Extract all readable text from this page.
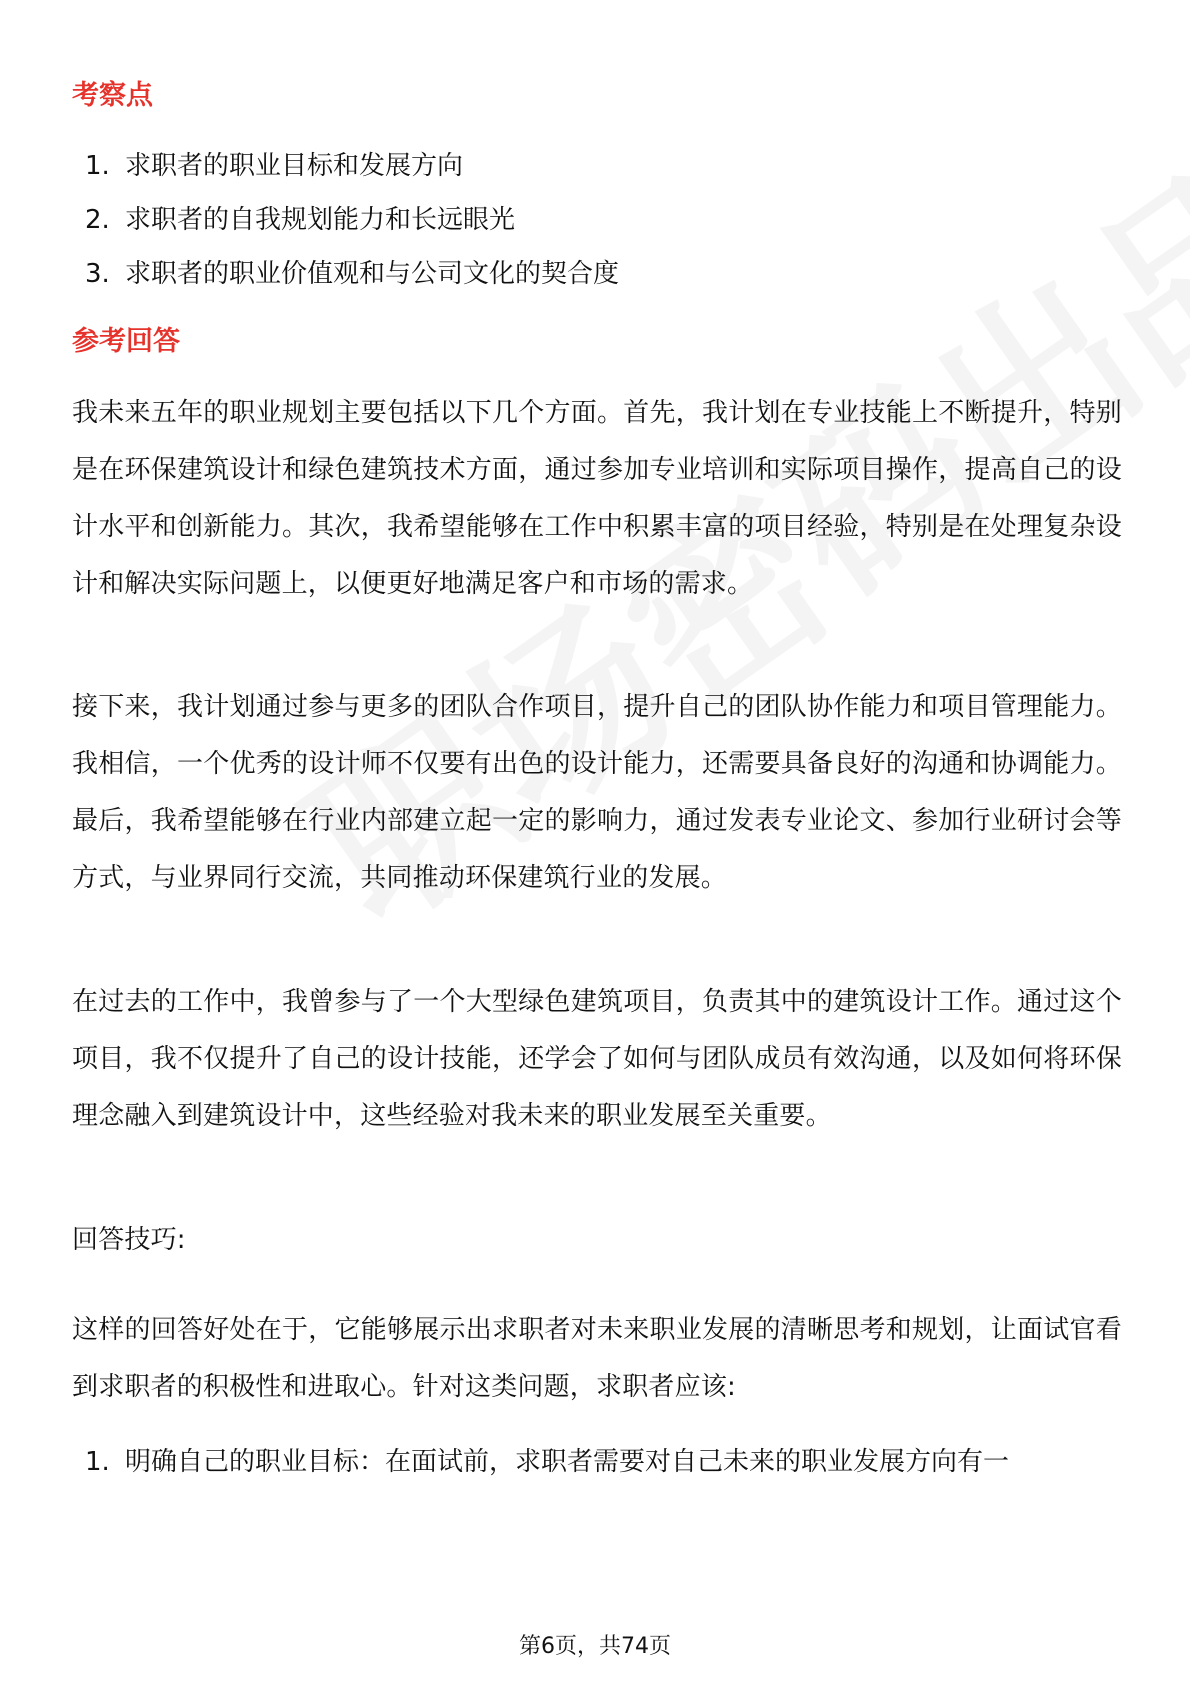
考察点
1. 求职者的职业目标和发展方向
2. 求职者的自我规划能力和长远眼光
3. 求职者的职业价值观和与公司文化的契合度
参考回答

我未来五年的职业规划主要包括以下几个方面。首先，我计划在专业技能上不断提升，特别是在环保建筑设计和绿色建筑技术方面，通过参加专业培训和实际项目操作，提高自己的设计水平和创新能力。其次，我希望能够在工作中积累丰富的项目经验，特别是在处理复杂设计和解决实际问题上，以便更好地满足客户和市场的需求。

接下来，我计划通过参与更多的团队合作项目，提升自己的团队协作能力和项目管理能力。我相信，一个优秀的设计师不仅要有出色的设计能力，还需要具备良好的沟通和协调能力。最后，我希望能够在行业内部建立起一定的影响力，通过发表专业论文、参加行业研讨会等方式，与业界同行交流，共同推动环保建筑行业的发展。

在过去的工作中，我曾参与了一个大型绿色建筑项目，负责其中的建筑设计工作。通过这个项目，我不仅提升了自己的设计技能，还学会了如何与团队成员有效沟通，以及如何将环保理念融入到建筑设计中，这些经验对我未来的职业发展至关重要。

回答技巧:

这样的回答好处在于，它能够展示出求职者对未来职业发展的清晰思考和规划，让面试官看到求职者的积极性和进取心。针对这类问题，求职者应该:

1. 明确自己的职业目标：在面试前，求职者需要对自己未来的职业发展方向有一
第6页，共74页
